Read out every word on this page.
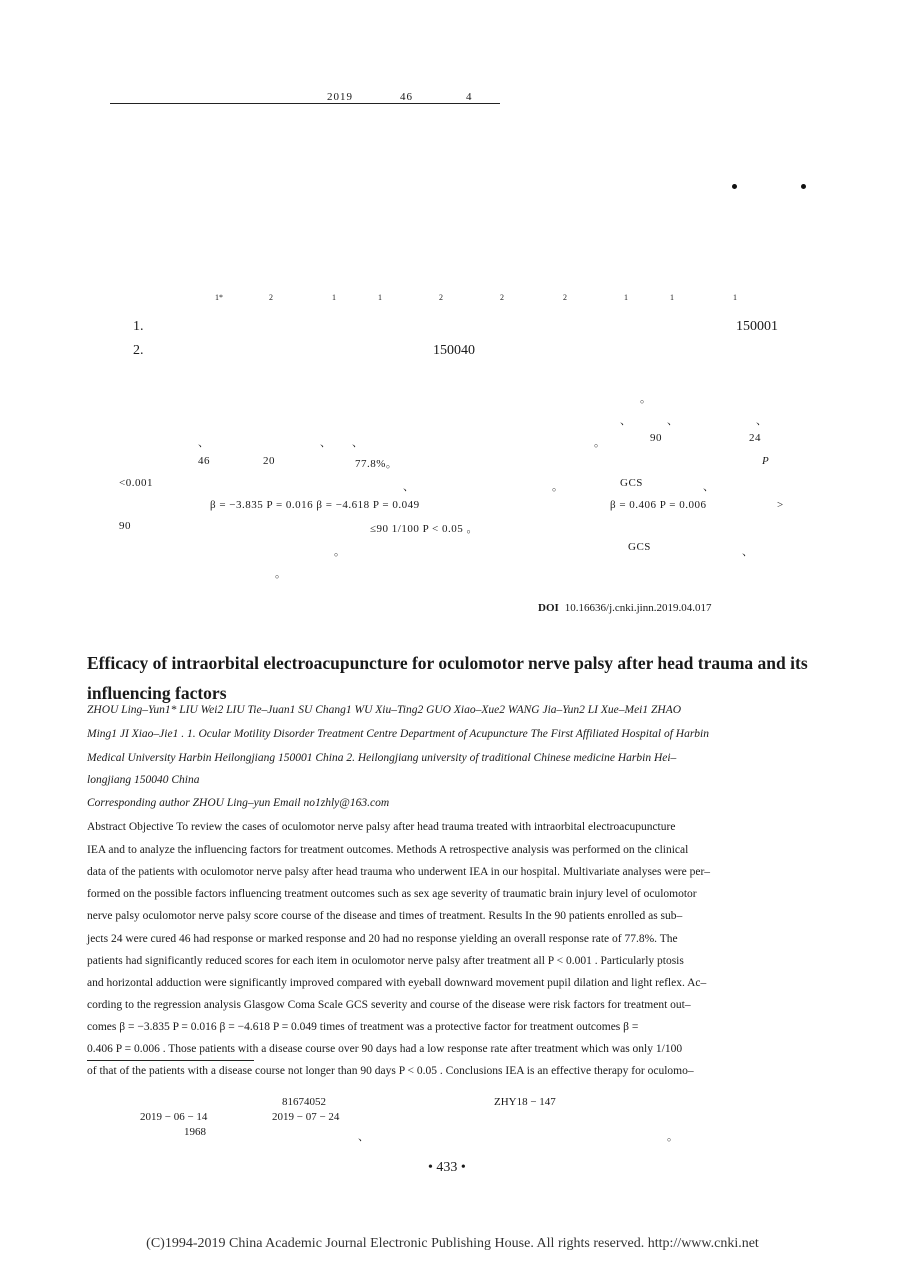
2019	46	4
1*	2	1	1	2	2	2	1	1	1
1.	150001
2.	150040
。
、	、	、
、	、 、	。	90	24
46	20	77.8%。	P
<0.001	、	。	GCS	、
β = −3.835 P = 0.016 β = −4.618 P = 0.049	β = 0.406 P = 0.006	>
90	≤90 1/100 P < 0.05 。
。	GCS	、
。
DOI 10.16636/j.cnki.jinn.2019.04.017
Efficacy of intraorbital electroacupuncture for oculomotor nerve palsy after head trauma and its influencing factors
ZHOU Ling–Yun1* LIU Wei2 LIU Tie–Juan1 SU Chang1 WU Xiu–Ting2 GUO Xiao–Xue2 WANG Jia–Yun2 LI Xue–Mei1 ZHAO
Ming1 JI Xiao–Jie1 . 1. Ocular Motility Disorder Treatment Centre Department of Acupuncture The First Affiliated Hospital of Harbin
Medical University Harbin Heilongjiang 150001 China 2. Heilongjiang university of traditional Chinese medicine Harbin Hei–
longjiang 150040 China
Corresponding author ZHOU Ling–yun Email no1zhly@163.com
Abstract Objective To review the cases of oculomotor nerve palsy after head trauma treated with intraorbital electroacupuncture
IEA and to analyze the influencing factors for treatment outcomes. Methods A retrospective analysis was performed on the clinical
data of the patients with oculomotor nerve palsy after head trauma who underwent IEA in our hospital. Multivariate analyses were per–
formed on the possible factors influencing treatment outcomes such as sex age severity of traumatic brain injury level of oculomotor
nerve palsy oculomotor nerve palsy score course of the disease and times of treatment. Results In the 90 patients enrolled as sub–
jects 24 were cured 46 had response or marked response and 20 had no response yielding an overall response rate of 77.8%. The
patients had significantly reduced scores for each item in oculomotor nerve palsy after treatment all P < 0.001 . Particularly ptosis
and horizontal adduction were significantly improved compared with eyeball downward movement pupil dilation and light reflex. Ac–
cording to the regression analysis Glasgow Coma Scale GCS severity and course of the disease were risk factors for treatment out–
comes β = −3.835 P = 0.016 β = −4.618 P = 0.049 times of treatment was a protective factor for treatment outcomes β =
0.406 P = 0.006 . Those patients with a disease course over 90 days had a low response rate after treatment which was only 1/100
of that of the patients with a disease course not longer than 90 days P < 0.05 . Conclusions IEA is an effective therapy for oculomo–
81674052	ZHY18 − 147
2019 − 06 − 14	2019 − 07 − 24
1968	、	。
• 433 •
(C)1994-2019 China Academic Journal Electronic Publishing House. All rights reserved. http://www.cnki.net
